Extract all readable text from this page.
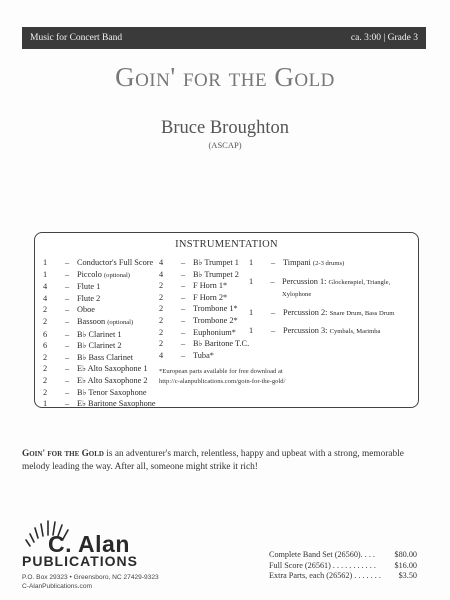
Music for Concert Band	ca. 3:00 | Grade 3
Goin' for the Gold
Bruce Broughton
(ASCAP)
INSTRUMENTATION
1	– Conductor's Full Score
1	– Piccolo (optional)
4	– Flute 1
4	– Flute 2
2	– Oboe
2	– Bassoon (optional)
6	– B♭ Clarinet 1
6	– B♭ Clarinet 2
2	– B♭ Bass Clarinet
2	– E♭ Alto Saxophone 1
2	– E♭ Alto Saxophone 2
2	– B♭ Tenor Saxophone
1	– E♭ Baritone Saxophone
4	– B♭ Trumpet 1
4	– B♭ Trumpet 2
2	– F Horn 1*
2	– F Horn 2*
2	– Trombone 1*
2	– Trombone 2*
2	– Euphonium*
2	– B♭ Baritone T.C.
4	– Tuba*
1	– Timpani (2-3 drums)
1	– Percussion 1: Glockenspiel, Triangle, Xylophone
1	– Percussion 2: Snare Drum, Bass Drum
1	– Percussion 3: Cymbals, Marimba
*European parts available for free download at
http://c-alanpublications.com/goin-for-the-gold/
Goin' for the Gold is an adventurer's march, relentless, happy and upbeat with a strong, memorable melody leading the way. After all, someone might strike it rich!
C. Alan
PUBLICATIONS
P.O. Box 29323 • Greensboro, NC 27429-9323
C-AlanPublications.com
Complete Band Set (26560). . . . $80.00
Full Score (26561) . . . . . . . . . . . $16.00
Extra Parts, each (26562) . . . . . . . $3.50
